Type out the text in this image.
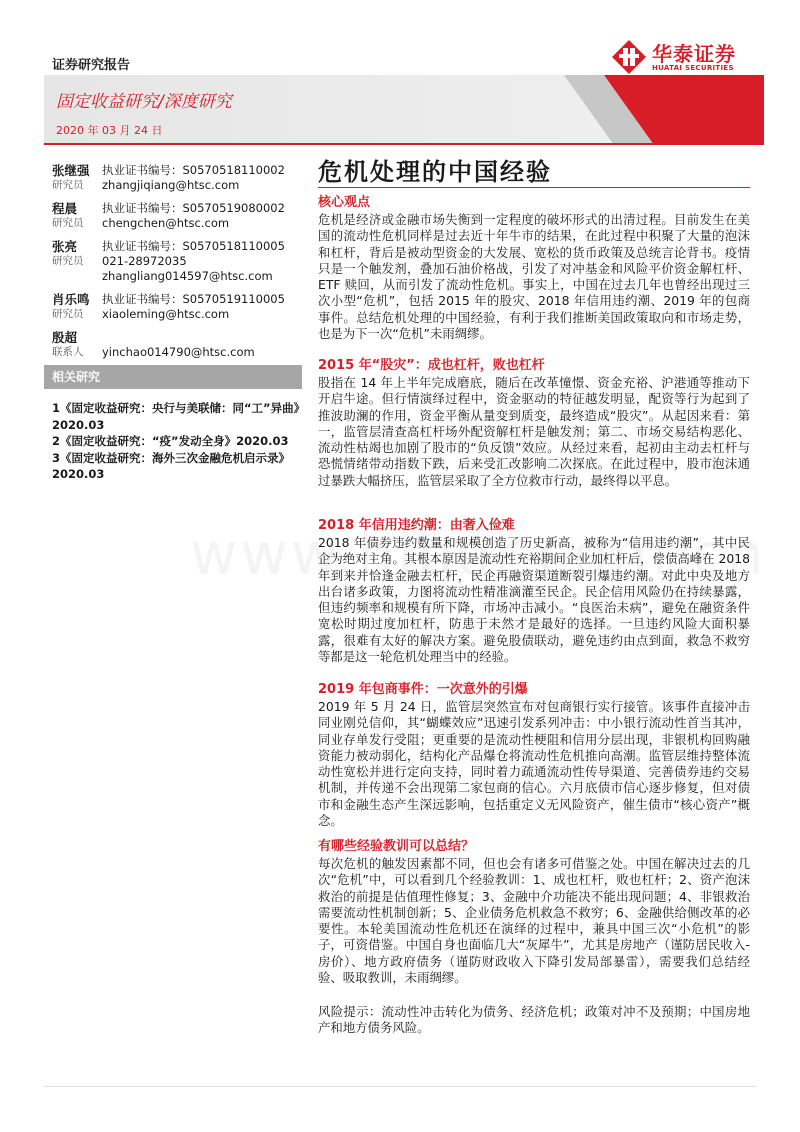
证券研究报告	华泰证券
HUATAI SECURITIES
固定收益研究/深度研究
2020 年 03 月 24 日
危机处理的中国经验
张继强	执业证书编号：S0570518110002
研究员	zhangjiqiang@htsc.com
程晨	执业证书编号：S0570519080002
研究员	chengchen@htsc.com
张亮	执业证书编号：S0570518110005
研究员	021-28972035
zhangliang014597@htsc.com
肖乐鸣	执业证书编号：S0570519110005
研究员	xiaoleming@htsc.com
殷超
联系人	yinchao014790@htsc.com
相关研究
1《固定收益研究：央行与美联储：同“工”异曲》2020.03
2《固定收益研究：“疫”发动全身》2020.03
3《固定收益研究：海外三次金融危机启示录》2020.03
核心观点
危机是经济或金融市场失衡到一定程度的破坏形式的出清过程。目前发生在美国的流动性危机同样是过去近十年牛市的结果，在此过程中积聚了大量的泡沫和杠杆，背后是被动型资金的大发展、宽松的货币政策及总统言论背书。疫情只是一个触发剂，叠加石油价格战，引发了对冲基金和风险平价资金解杠杆、ETF 赎回，从而引发了流动性危机。事实上，中国在过去几年也曾经出现过三次小型“危机”，包括 2015 年的股灾、2018 年信用违约潮、2019 年的包商事件。总结危机处理的中国经验，有利于我们推断美国政策取向和市场走势，也是为下一次“危机”未雨绸缪。
2015 年“股灾”：成也杠杆，败也杠杆
股指在 14 年上半年完成磨底，随后在改革憧憬、资金充裕、沪港通等推动下开启牛途。但行情演绎过程中，资金驱动的特征越发明显，配资等行为起到了推波助澜的作用，资金平衡从量变到质变，最终造成“股灾”。从起因来看：第一，监管层清查高杠杆场外配资解杠杆是触发剂；第二、市场交易结构恶化、流动性枯竭也加剧了股市的“负反馈”效应。从经过来看，起初由主动去杠杆与恐慌情绪带动指数下跌，后来受汇改影响二次探底。在此过程中，股市泡沫通过暴跌大幅挤压，监管层采取了全方位救市行动，最终得以平息。
2018 年信用违约潮：由奢入俭难
2018 年债券违约数量和规模创造了历史新高，被称为“信用违约潮”，其中民企为绝对主角。其根本原因是流动性充裕期间企业加杠杆后，偿债高峰在 2018 年到来并恰逢金融去杠杆，民企再融资渠道断裂引爆违约潮。对此中央及地方出台诸多政策，力图将流动性精准滴灌至民企。民企信用风险仍在持续暴露，但违约频率和规模有所下降，市场冲击减小。“良医治未病”，避免在融资条件宽松时期过度加杠杆，防患于未然才是最好的选择。一旦违约风险大面积暴露，很难有太好的解决方案。避免股债联动，避免违约由点到面，救急不救穷等都是这一轮危机处理当中的经验。
2019 年包商事件：一次意外的引爆
2019 年 5 月 24 日，监管层突然宣布对包商银行实行接管。该事件直接冲击同业刚兑信仰，其“蝴蝶效应”迅速引发系列冲击：中小银行流动性首当其冲，同业存单发行受阻；更重要的是流动性梗阻和信用分层出现，非银机构回购融资能力被动弱化，结构化产品爆仓将流动性危机推向高潮。监管层维持整体流动性宽松并进行定向支持，同时着力疏通流动性传导渠道、完善债券违约交易机制，并传递不会出现第二家包商的信心。六月底债市信心逐步修复，但对债市和金融生态产生深远影响，包括重定义无风险资产，催生债市“核心资产”概念。
有哪些经验教训可以总结？
每次危机的触发因素都不同，但也会有诸多可借鉴之处。中国在解决过去的几次“危机”中，可以看到几个经验教训：1、成也杠杆，败也杠杆；2、资产泡沫救治的前提是估值理性修复；3、金融中介功能决不能出现问题；4、非银救治需要流动性机制创新；5、企业债务危机救急不救穷；6、金融供给侧改革的必要性。本轮美国流动性危机还在演绎的过程中，兼具中国三次“小危机”的影子，可资借鉴。中国自身也面临几大“灰犀牛”，尤其是房地产（谨防居民收入-房价）、地方政府债务（谨防财政收入下降引发局部暴雷），需要我们总结经验、吸取教训，未雨绸缪。
风险提示：流动性冲击转化为债务、经济危机；政策对冲不及预期；中国房地产和地方债务风险。
